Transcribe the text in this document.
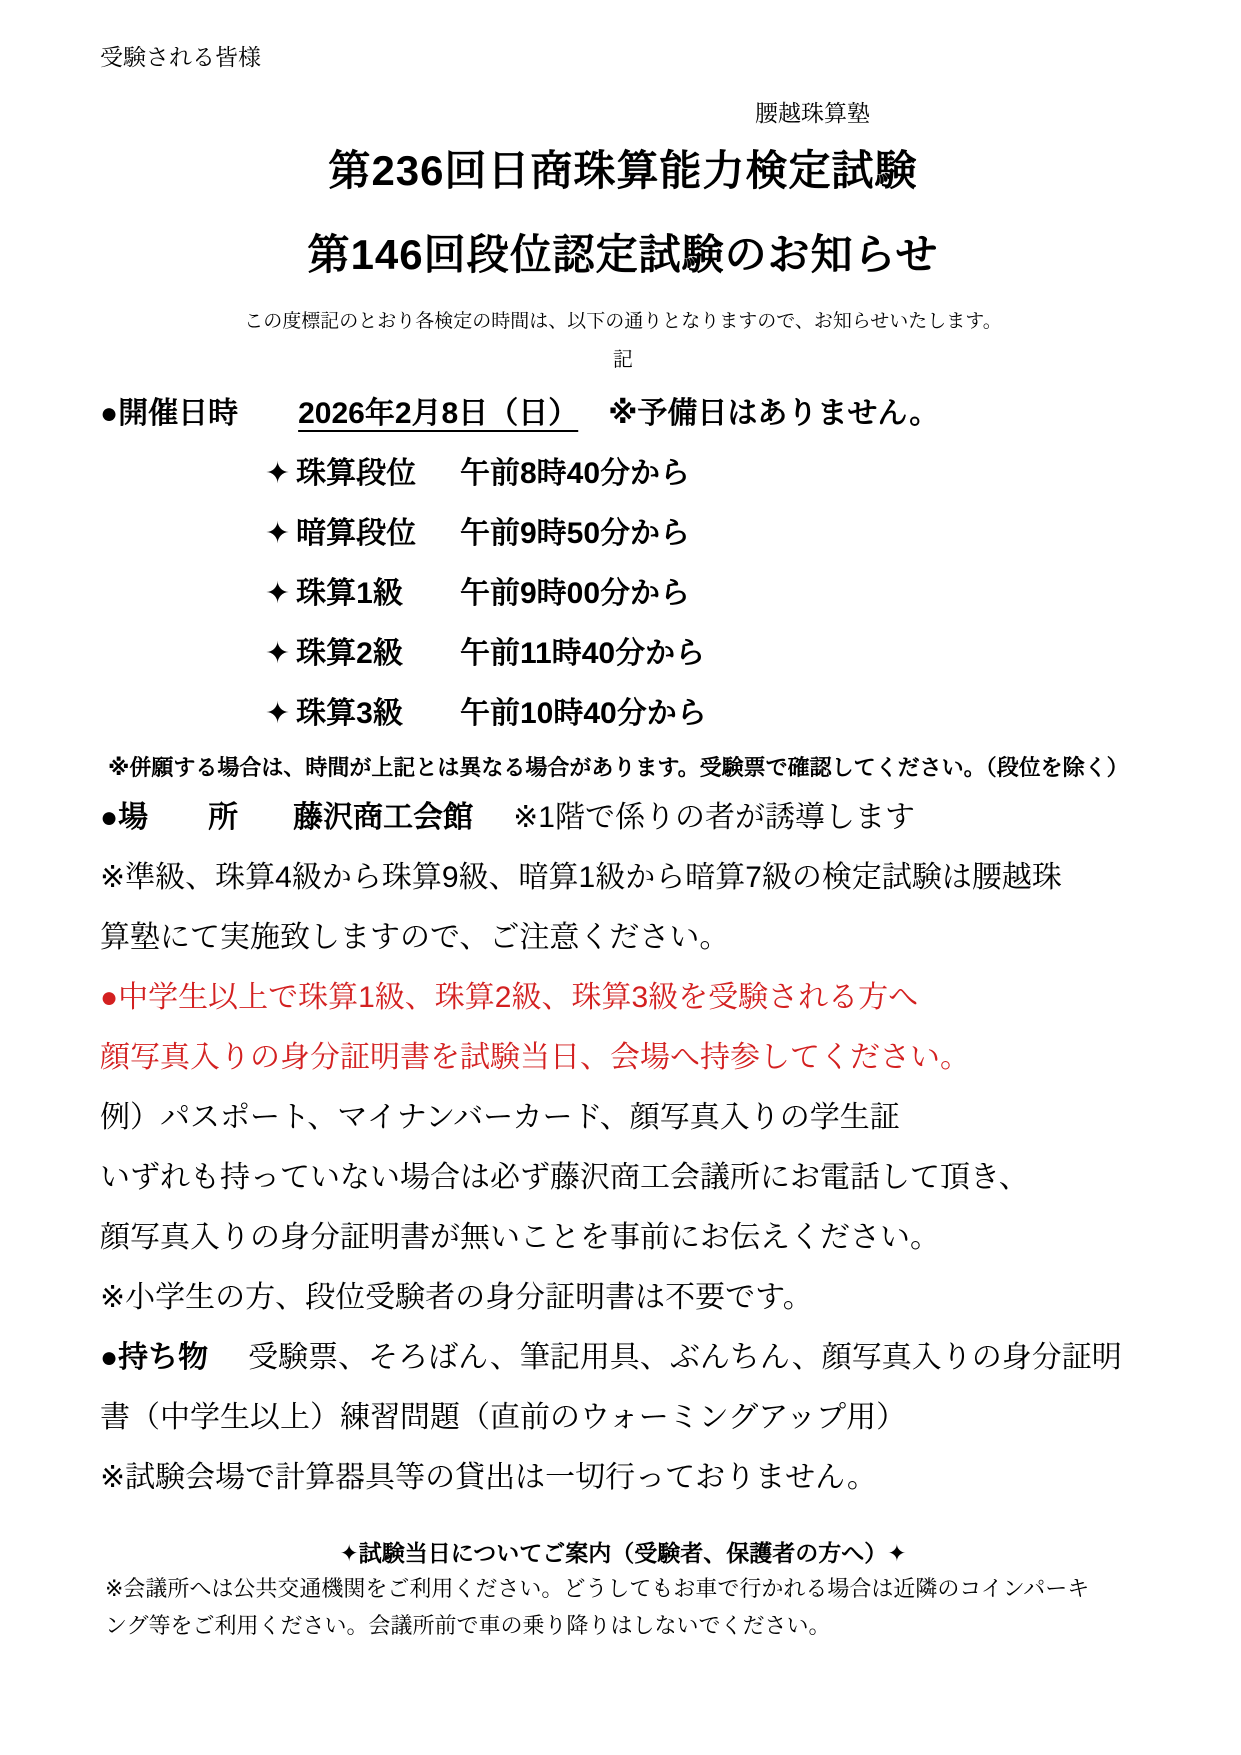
受験される皆様
腰越珠算塾
第236回日商珠算能力検定試験
第146回段位認定試験のお知らせ
この度標記のとおり各検定の時間は、以下の通りとなりますので、お知らせいたします。
記
●開催日時 2026年2月8日（日） ※予備日はありません。
✦ 珠算段位 午前8時40分から
✦ 暗算段位 午前9時50分から
✦ 珠算1級 午前9時00分から
✦ 珠算2級 午前11時40分から
✦ 珠算3級 午前10時40分から
※併願する場合は、時間が上記とは異なる場合があります。受験票で確認してください。（段位を除く）
●場　　所 藤沢商工会館 ※1階で係りの者が誘導します
※準級、珠算4級から珠算9級、暗算1級から暗算7級の検定試験は腰越珠
算塾にて実施致しますので、ご注意ください。
●中学生以上で珠算1級、珠算2級、珠算3級を受験される方へ
顔写真入りの身分証明書を試験当日、会場へ持参してください。
例）パスポート、マイナンバーカード、顔写真入りの学生証
いずれも持っていない場合は必ず藤沢商工会議所にお電話して頂き、
顔写真入りの身分証明書が無いことを事前にお伝えください。
※小学生の方、段位受験者の身分証明書は不要です。
●持ち物 受験票、そろばん、筆記用具、ぶんちん、顔写真入りの身分証明
書（中学生以上）練習問題（直前のウォーミングアップ用）
※試験会場で計算器具等の貸出は一切行っておりません。
✦試験当日についてご案内（受験者、保護者の方へ）✦
※会議所へは公共交通機関をご利用ください。どうしてもお車で行かれる場合は近隣のコインパーキ
ング等をご利用ください。会議所前で車の乗り降りはしないでください。
